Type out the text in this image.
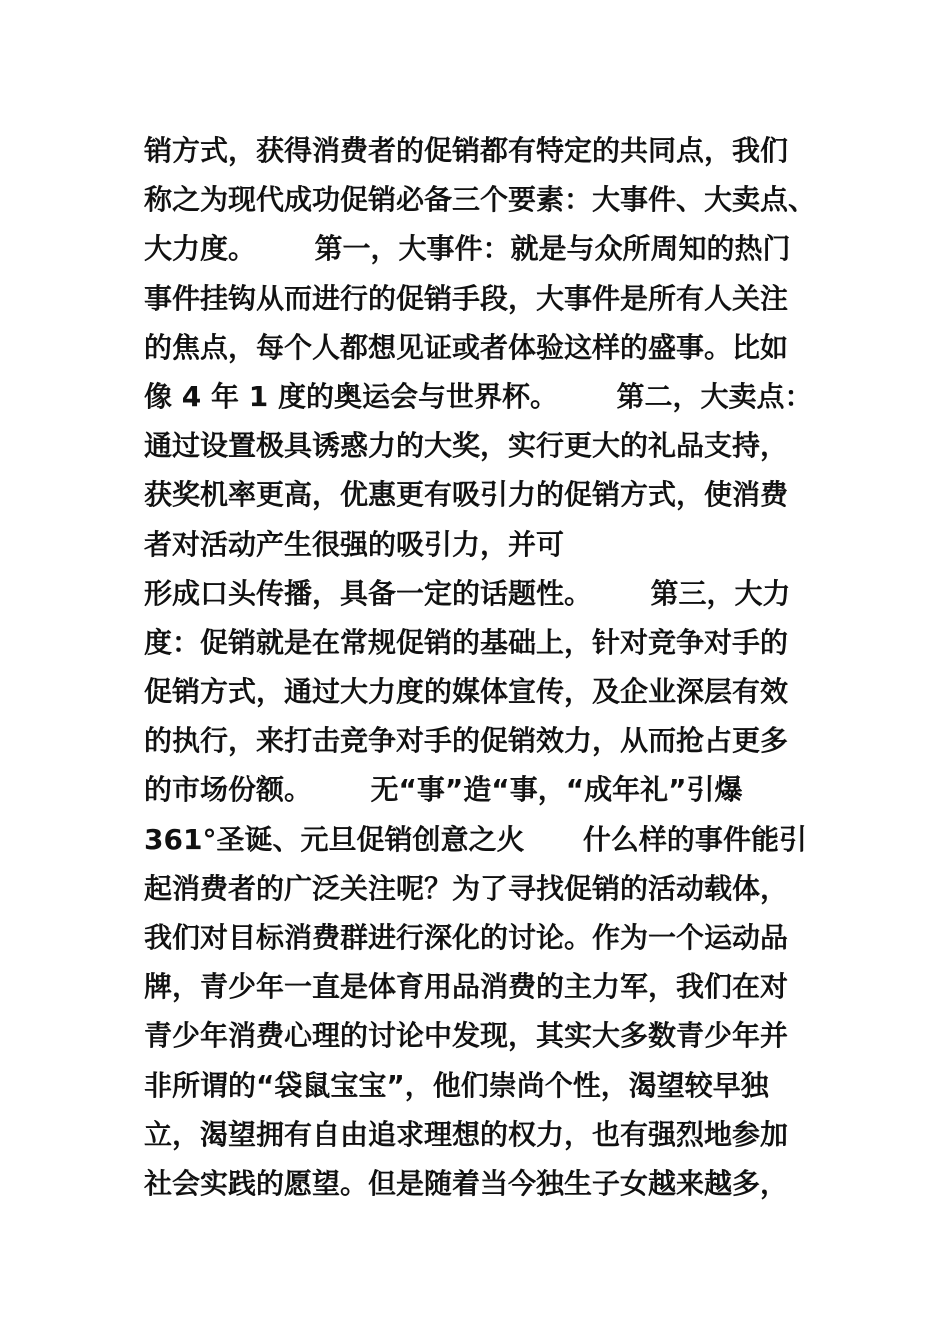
销方式，获得消费者的促销都有特定的共同点，我们
称之为现代成功促销必备三个要素：大事件、大卖点、
大力度。      第一，大事件：就是与众所周知的热门
事件挂钩从而进行的促销手段，大事件是所有人关注
的焦点，每个人都想见证或者体验这样的盛事。比如
像 4 年 1 度的奥运会与世界杯。      第二，大卖点：
通过设置极具诱惑力的大奖，实行更大的礼品支持，
获奖机率更高，优惠更有吸引力的促销方式，使消费
者对活动产生很强的吸引力，并可
形成口头传播，具备一定的话题性。      第三，大力
度：促销就是在常规促销的基础上，针对竞争对手的
促销方式，通过大力度的媒体宣传，及企业深层有效
的执行，来打击竞争对手的促销效力，从而抢占更多
的市场份额。      无“事”造“事，“成年礼”引爆
361°圣诞、元旦促销创意之火      什么样的事件能引
起消费者的广泛关注呢？为了寻找促销的活动载体，
我们对目标消费群进行深化的讨论。作为一个运动品
牌，青少年一直是体育用品消费的主力军，我们在对
青少年消费心理的讨论中发现，其实大多数青少年并
非所谓的“袋鼠宝宝”，他们崇尚个性，渴望较早独
立，渴望拥有自由追求理想的权力，也有强烈地参加
社会实践的愿望。但是随着当今独生子女越来越多，
